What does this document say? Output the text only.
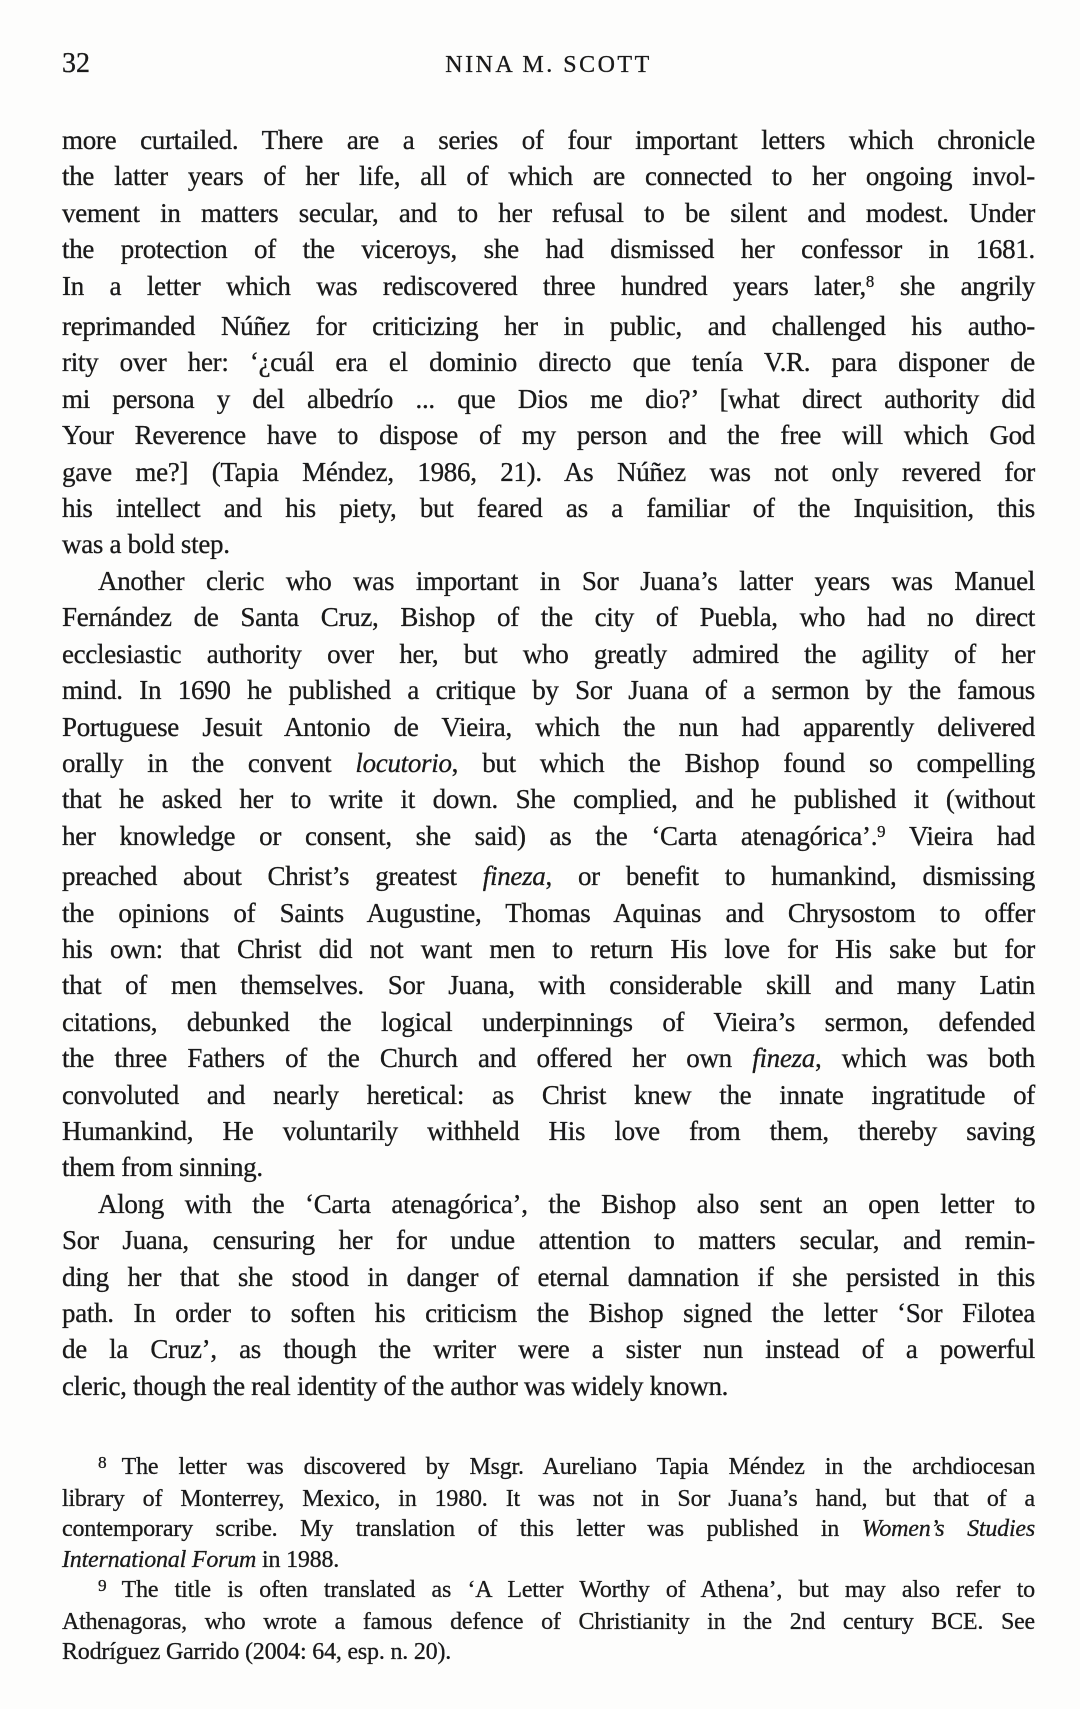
32	NINA M. SCOTT
more curtailed. There are a series of four important letters which chronicle
the latter years of her life, all of which are connected to her ongoing invol-
vement in matters secular, and to her refusal to be silent and modest. Under
the protection of the viceroys, she had dismissed her confessor in 1681.
In a letter which was rediscovered three hundred years later,$^8$ she angrily
reprimanded Núñez for criticizing her in public, and challenged his autho-
rity over her: ‘¿cuál era el dominio directo que tenía V.R. para disponer de
mi persona y del albedrío ... que Dios me dio?’ [what direct authority did
Your Reverence have to dispose of my person and the free will which God
gave me?] (Tapia Méndez, 1986, 21). As Núñez was not only revered for
his intellect and his piety, but feared as a familiar of the Inquisition, this
was a bold step.
Another cleric who was important in Sor Juana’s latter years was Manuel
Fernández de Santa Cruz, Bishop of the city of Puebla, who had no direct
ecclesiastic authority over her, but who greatly admired the agility of her
mind. In 1690 he published a critique by Sor Juana of a sermon by the famous
Portuguese Jesuit Antonio de Vieira, which the nun had apparently delivered
orally in the convent locutorio, but which the Bishop found so compelling
that he asked her to write it down. She complied, and he published it (without
her knowledge or consent, she said) as the ‘Carta atenagórica’.$^9$ Vieira had
preached about Christ’s greatest fineza, or benefit to humankind, dismissing
the opinions of Saints Augustine, Thomas Aquinas and Chrysostom to offer
his own: that Christ did not want men to return His love for His sake but for
that of men themselves. Sor Juana, with considerable skill and many Latin
citations, debunked the logical underpinnings of Vieira’s sermon, defended
the three Fathers of the Church and offered her own fineza, which was both
convoluted and nearly heretical: as Christ knew the innate ingratitude of
Humankind, He voluntarily withheld His love from them, thereby saving
them from sinning.
Along with the ‘Carta atenagórica’, the Bishop also sent an open letter to
Sor Juana, censuring her for undue attention to matters secular, and remin-
ding her that she stood in danger of eternal damnation if she persisted in this
path. In order to soften his criticism the Bishop signed the letter ‘Sor Filotea
de la Cruz’, as though the writer were a sister nun instead of a powerful
cleric, though the real identity of the author was widely known.
$^8$ The letter was discovered by Msgr. Aureliano Tapia Méndez in the archdiocesan
library of Monterrey, Mexico, in 1980. It was not in Sor Juana’s hand, but that of a
contemporary scribe. My translation of this letter was published in Women’s Studies
International Forum in 1988.
$^9$ The title is often translated as ‘A Letter Worthy of Athena’, but may also refer to
Athenagoras, who wrote a famous defence of Christianity in the 2nd century BCE. See
Rodríguez Garrido (2004: 64, esp. n. 20).
